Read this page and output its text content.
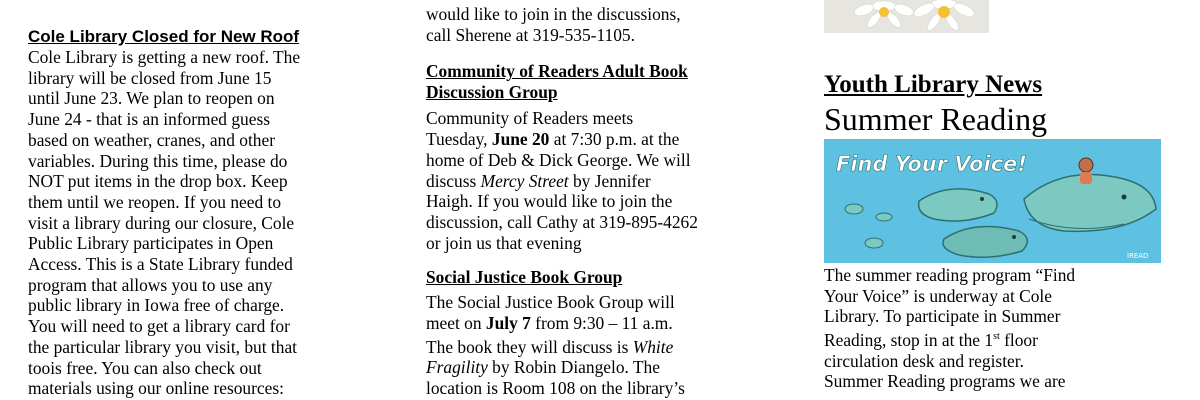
Cole Library Closed for New Roof
Cole Library is getting a new roof. The
library will be closed from June 15
until June 23. We plan to reopen on
June 24 - that is an informed guess
based on weather, cranes, and other
variables. During this time, please do
NOT put items in the drop box. Keep
them until we reopen. If you need to
visit a library during our closure, Cole
Public Library participates in Open
Access. This is a State Library funded
program that allows you to use any
public library in Iowa free of charge.
You will need to get a library card for
the particular library you visit, but that
toois free. You can also check out
materials using our online resources:
would like to join in the discussions,
call Sherene at 319-535-1105.
Community of Readers Adult Book
Discussion Group
Community of Readers meets
Tuesday, June 20 at 7:30 p.m. at the
home of Deb & Dick George. We will
discuss Mercy Street by Jennifer
Haigh. If you would like to join the
discussion, call Cathy at 319-895-4262
or join us that evening
Social Justice Book Group
The Social Justice Book Group will
meet on July 7 from 9:30 – 11 a.m.
The book they will discuss is White
Fragility by Robin Diangelo. The
location is Room 108 on the library’s
Youth Library News
Summer Reading
Find Your Voice!
iREAD
The summer reading program “Find
Your Voice” is underway at Cole
Library. To participate in Summer
Reading, stop in at the 1st floor
circulation desk and register.
Summer Reading programs we are
